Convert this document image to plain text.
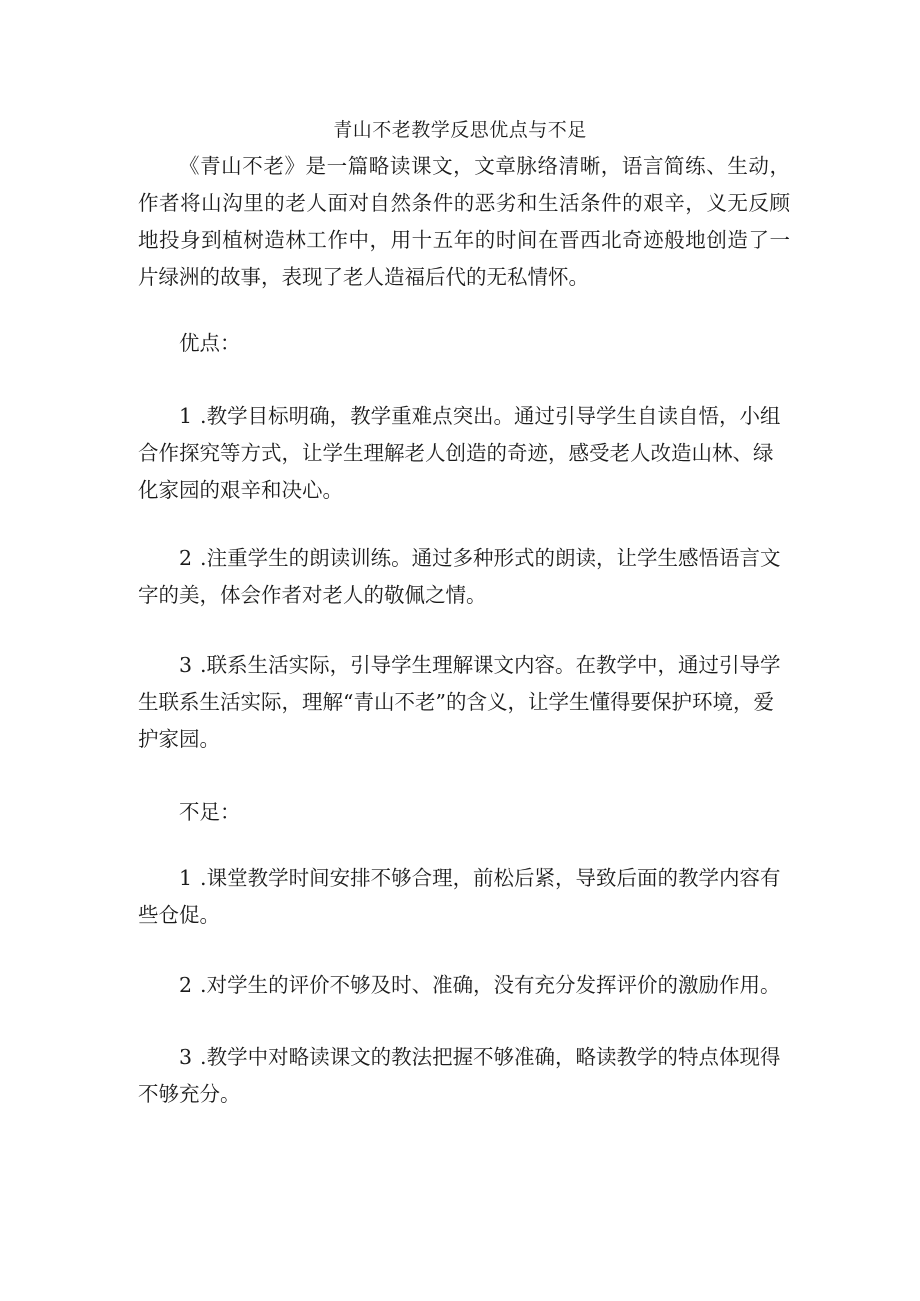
青山不老教学反思优点与不足

《青山不老》是一篇略读课文，文章脉络清晰，语言简练、生动，作者将山沟里的老人面对自然条件的恶劣和生活条件的艰辛，义无反顾地投身到植树造林工作中，用十五年的时间在晋西北奇迹般地创造了一片绿洲的故事，表现了老人造福后代的无私情怀。

优点：

1 .教学目标明确，教学重难点突出。通过引导学生自读自悟，小组合作探究等方式，让学生理解老人创造的奇迹，感受老人改造山林、绿化家园的艰辛和决心。

2 .注重学生的朗读训练。通过多种形式的朗读，让学生感悟语言文字的美，体会作者对老人的敬佩之情。

3 .联系生活实际，引导学生理解课文内容。在教学中，通过引导学生联系生活实际，理解“青山不老”的含义，让学生懂得要保护环境，爱护家园。

不足：

1 .课堂教学时间安排不够合理，前松后紧，导致后面的教学内容有些仓促。

2 .对学生的评价不够及时、准确，没有充分发挥评价的激励作用。

3 .教学中对略读课文的教法把握不够准确，略读教学的特点体现得不够充分。
